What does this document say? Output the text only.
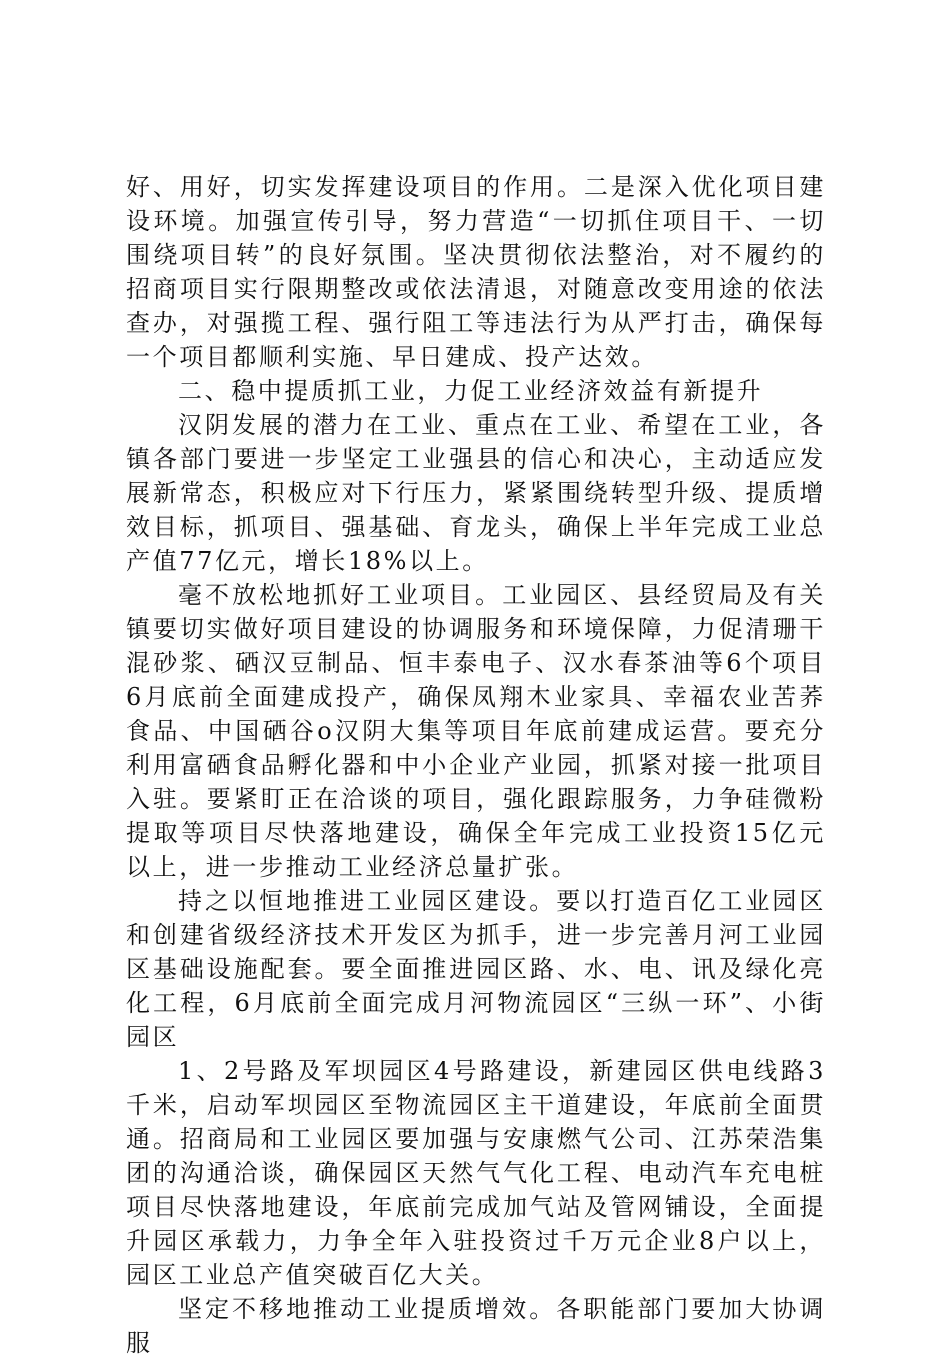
好、用好，切实发挥建设项目的作用。二是深入优化项目建设环境。加强宣传引导，努力营造“一切抓住项目干、一切围绕项目转”的良好氛围。坚决贯彻依法整治，对不履约的招商项目实行限期整改或依法清退，对随意改变用途的依法查办，对强揽工程、强行阻工等违法行为从严打击，确保每一个项目都顺利实施、早日建成、投产达效。

二、稳中提质抓工业，力促工业经济效益有新提升

汉阴发展的潜力在工业、重点在工业、希望在工业，各镇各部门要进一步坚定工业强县的信心和决心，主动适应发展新常态，积极应对下行压力，紧紧围绕转型升级、提质增效目标，抓项目、强基础、育龙头，确保上半年完成工业总产值77亿元，增长18%以上。

毫不放松地抓好工业项目。工业园区、县经贸局及有关镇要切实做好项目建设的协调服务和环境保障，力促清珊干混砂浆、硒汉豆制品、恒丰泰电子、汉水春茶油等6个项目6月底前全面建成投产，确保凤翔木业家具、幸福农业苦荞食品、中国硒谷o汉阴大集等项目年底前建成运营。要充分利用富硒食品孵化器和中小企业产业园，抓紧对接一批项目入驻。要紧盯正在洽谈的项目，强化跟踪服务，力争硅微粉提取等项目尽快落地建设，确保全年完成工业投资15亿元以上，进一步推动工业经济总量扩张。

持之以恒地推进工业园区建设。要以打造百亿工业园区和创建省级经济技术开发区为抓手，进一步完善月河工业园区基础设施配套。要全面推进园区路、水、电、讯及绿化亮化工程，6月底前全面完成月河物流园区“三纵一环”、小街园区

1、2号路及军坝园区4号路建设，新建园区供电线路3千米，启动军坝园区至物流园区主干道建设，年底前全面贯通。招商局和工业园区要加强与安康燃气公司、江苏荣浩集团的沟通洽谈，确保园区天然气气化工程、电动汽车充电桩项目尽快落地建设，年底前完成加气站及管网铺设，全面提升园区承载力，力争全年入驻投资过千万元企业8户以上，园区工业总产值突破百亿大关。

坚定不移地推动工业提质增效。各职能部门要加大协调服
